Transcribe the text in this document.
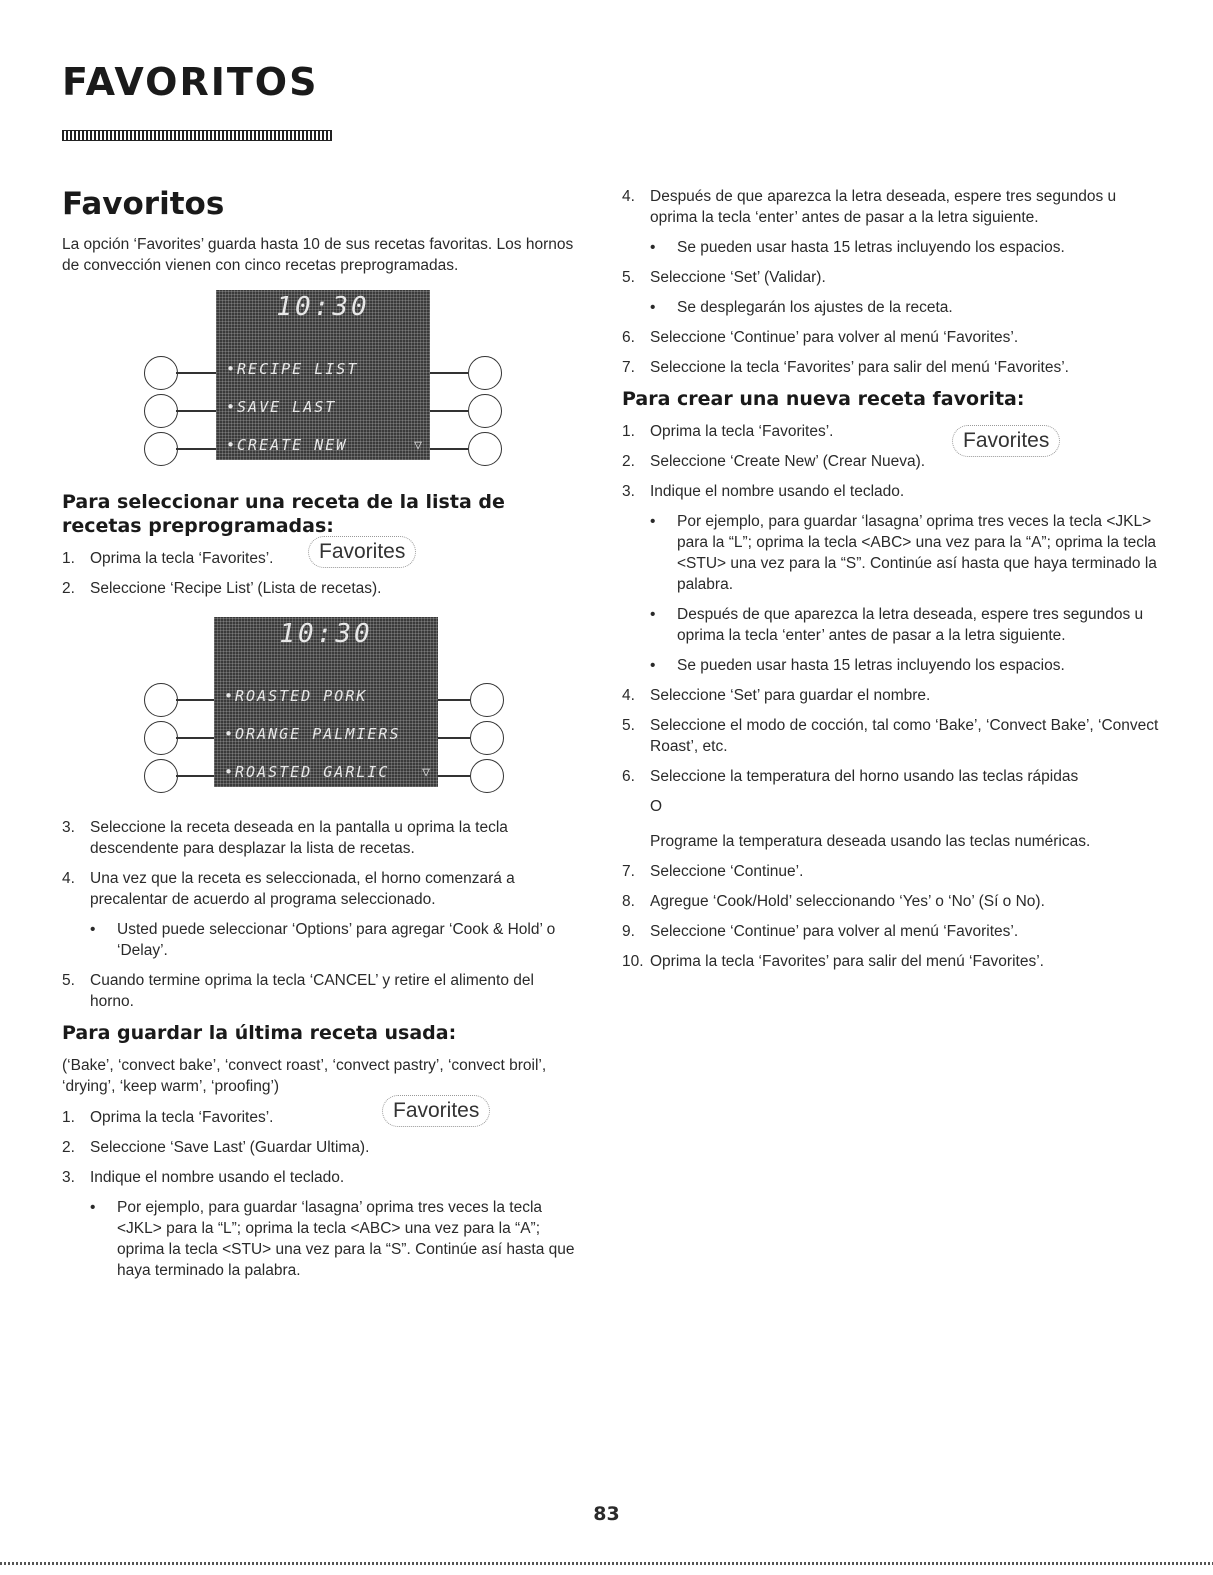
FAVORITOS
Favoritos

La opción ‘Favorites’ guarda hasta 10 de sus recetas favoritas. Los hornos de convección vienen con cinco recetas preprogramadas.

10:30
•RECIPE LIST
•SAVE LAST
•CREATE NEW	▽
Para seleccionar una receta de la lista de recetas preprogramadas:
1. Oprima la tecla ‘Favorites’.
2. Seleccione ‘Recipe List’ (Lista de recetas).
Favorites
10:30
•ROASTED PORK
•ORANGE PALMIERS
•ROASTED GARLIC	▽
3. Seleccione la receta deseada en la pantalla u oprima la tecla descendente para desplazar la lista de recetas.
4. Una vez que la receta es seleccionada, el horno comenzará a precalentar de acuerdo al programa seleccionado.
• Usted puede seleccionar ‘Options’ para agregar ‘Cook & Hold’ o ‘Delay’.
5. Cuando termine oprima la tecla ‘CANCEL’ y retire el alimento del horno.
Para guardar la última receta usada:

(‘Bake’, ‘convect bake’, ‘convect roast’, ‘convect pastry’, ‘convect broil’, ‘drying’, ‘keep warm’, ‘proofing’)

1. Oprima la tecla ‘Favorites’.
2. Seleccione ‘Save Last’ (Guardar Ultima).
Favorites
3. Indique el nombre usando el teclado.
• Por ejemplo, para guardar ‘lasagna’ oprima tres veces la tecla <JKL> para la “L”; oprima la tecla <ABC> una vez para la “A”; oprima la tecla <STU> una vez para la “S”. Continúe así hasta que haya terminado la palabra.
4. Después de que aparezca la letra deseada, espere tres segundos u oprima la tecla ‘enter’ antes de pasar a la letra siguiente.
• Se pueden usar hasta 15 letras incluyendo los espacios.
5. Seleccione ‘Set’ (Validar).
• Se desplegarán los ajustes de la receta.
6. Seleccione ‘Continue’ para volver al menú ‘Favorites’.
7. Seleccione la tecla ‘Favorites’ para salir del menú ‘Favorites’.
Para crear una nueva receta favorita:
1. Oprima la tecla ‘Favorites’.
2. Seleccione ‘Create New’ (Crear Nueva).
Favorites
3. Indique el nombre usando el teclado.
• Por ejemplo, para guardar ‘lasagna’ oprima tres veces la tecla <JKL> para la “L”; oprima la tecla <ABC> una vez para la “A”; oprima la tecla <STU> una vez para la “S”. Continúe así hasta que haya terminado la palabra.
• Después de que aparezca la letra deseada, espere tres segundos u oprima la tecla ‘enter’ antes de pasar a la letra siguiente.
• Se pueden usar hasta 15 letras incluyendo los espacios.
4. Seleccione ‘Set’ para guardar el nombre.
5. Seleccione el modo de cocción, tal como ‘Bake’, ‘Convect Bake’, ‘Convect Roast’, etc.
6. Seleccione la temperatura del horno usando las teclas rápidas
O
Programe la temperatura deseada usando las teclas numéricas.
7. Seleccione ‘Continue’.
8. Agregue ‘Cook/Hold’ seleccionando ‘Yes’ o ‘No’ (Sí o No).
9. Seleccione ‘Continue’ para volver al menú ‘Favorites’.
10. Oprima la tecla ‘Favorites’ para salir del menú ‘Favorites’.
83
